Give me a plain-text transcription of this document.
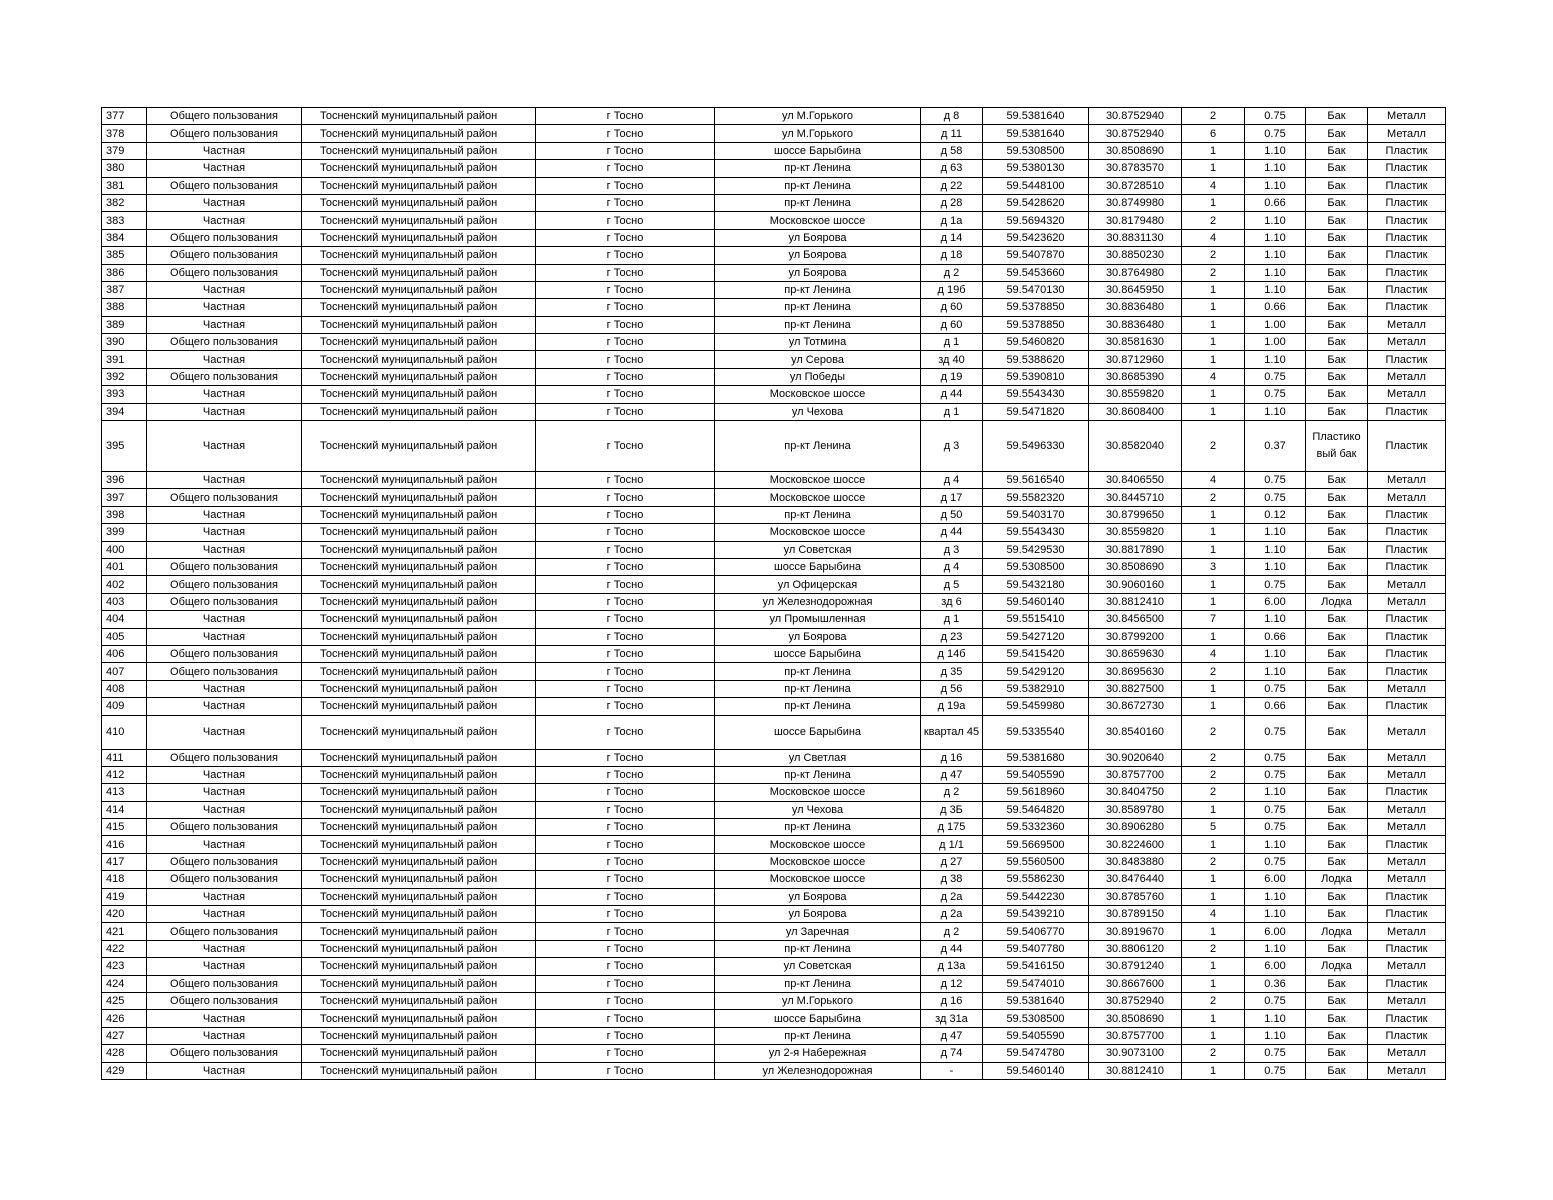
377	Общего пользования	Тосненский муниципальный район	г Тосно	ул М.Горького	д 8	59.5381640	30.8752940	2	0.75	Бак	Металл
378	Общего пользования	Тосненский муниципальный район	г Тосно	ул М.Горького	д 11	59.5381640	30.8752940	6	0.75	Бак	Металл
379	Частная	Тосненский муниципальный район	г Тосно	шоссе Барыбина	д 58	59.5308500	30.8508690	1	1.10	Бак	Пластик
380	Частная	Тосненский муниципальный район	г Тосно	пр-кт Ленина	д 63	59.5380130	30.8783570	1	1.10	Бак	Пластик
381	Общего пользования	Тосненский муниципальный район	г Тосно	пр-кт Ленина	д 22	59.5448100	30.8728510	4	1.10	Бак	Пластик
382	Частная	Тосненский муниципальный район	г Тосно	пр-кт Ленина	д 28	59.5428620	30.8749980	1	0.66	Бак	Пластик
383	Частная	Тосненский муниципальный район	г Тосно	Московское шоссе	д 1а	59.5694320	30.8179480	2	1.10	Бак	Пластик
384	Общего пользования	Тосненский муниципальный район	г Тосно	ул Боярова	д 14	59.5423620	30.8831130	4	1.10	Бак	Пластик
385	Общего пользования	Тосненский муниципальный район	г Тосно	ул Боярова	д 18	59.5407870	30.8850230	2	1.10	Бак	Пластик
386	Общего пользования	Тосненский муниципальный район	г Тосно	ул Боярова	д 2	59.5453660	30.8764980	2	1.10	Бак	Пластик
387	Частная	Тосненский муниципальный район	г Тосно	пр-кт Ленина	д 19б	59.5470130	30.8645950	1	1.10	Бак	Пластик
388	Частная	Тосненский муниципальный район	г Тосно	пр-кт Ленина	д 60	59.5378850	30.8836480	1	0.66	Бак	Пластик
389	Частная	Тосненский муниципальный район	г Тосно	пр-кт Ленина	д 60	59.5378850	30.8836480	1	1.00	Бак	Металл
390	Общего пользования	Тосненский муниципальный район	г Тосно	ул Тотмина	д 1	59.5460820	30.8581630	1	1.00	Бак	Металл
391	Частная	Тосненский муниципальный район	г Тосно	ул Серова	зд 40	59.5388620	30.8712960	1	1.10	Бак	Пластик
392	Общего пользования	Тосненский муниципальный район	г Тосно	ул Победы	д 19	59.5390810	30.8685390	4	0.75	Бак	Металл
393	Частная	Тосненский муниципальный район	г Тосно	Московское шоссе	д 44	59.5543430	30.8559820	1	0.75	Бак	Металл
394	Частная	Тосненский муниципальный район	г Тосно	ул Чехова	д 1	59.5471820	30.8608400	1	1.10	Бак	Пластик
395	Частная	Тосненский муниципальный район	г Тосно	пр-кт Ленина	д 3	59.5496330	30.8582040	2	0.37	Пластико вый бак	Пластик
396	Частная	Тосненский муниципальный район	г Тосно	Московское шоссе	д 4	59.5616540	30.8406550	4	0.75	Бак	Металл
397	Общего пользования	Тосненский муниципальный район	г Тосно	Московское шоссе	д 17	59.5582320	30.8445710	2	0.75	Бак	Металл
398	Частная	Тосненский муниципальный район	г Тосно	пр-кт Ленина	д 50	59.5403170	30.8799650	1	0.12	Бак	Пластик
399	Частная	Тосненский муниципальный район	г Тосно	Московское шоссе	д 44	59.5543430	30.8559820	1	1.10	Бак	Пластик
400	Частная	Тосненский муниципальный район	г Тосно	ул Советская	д 3	59.5429530	30.8817890	1	1.10	Бак	Пластик
401	Общего пользования	Тосненский муниципальный район	г Тосно	шоссе Барыбина	д 4	59.5308500	30.8508690	3	1.10	Бак	Пластик
402	Общего пользования	Тосненский муниципальный район	г Тосно	ул Офицерская	д 5	59.5432180	30.9060160	1	0.75	Бак	Металл
403	Общего пользования	Тосненский муниципальный район	г Тосно	ул Железнодорожная	зд 6	59.5460140	30.8812410	1	6.00	Лодка	Металл
404	Частная	Тосненский муниципальный район	г Тосно	ул Промышленная	д 1	59.5515410	30.8456500	7	1.10	Бак	Пластик
405	Частная	Тосненский муниципальный район	г Тосно	ул Боярова	д 23	59.5427120	30.8799200	1	0.66	Бак	Пластик
406	Общего пользования	Тосненский муниципальный район	г Тосно	шоссе Барыбина	д 14б	59.5415420	30.8659630	4	1.10	Бак	Пластик
407	Общего пользования	Тосненский муниципальный район	г Тосно	пр-кт Ленина	д 35	59.5429120	30.8695630	2	1.10	Бак	Пластик
408	Частная	Тосненский муниципальный район	г Тосно	пр-кт Ленина	д 56	59.5382910	30.8827500	1	0.75	Бак	Металл
409	Частная	Тосненский муниципальный район	г Тосно	пр-кт Ленина	д 19а	59.5459980	30.8672730	1	0.66	Бак	Пластик
410	Частная	Тосненский муниципальный район	г Тосно	шоссе Барыбина	квартал 45	59.5335540	30.8540160	2	0.75	Бак	Металл
411	Общего пользования	Тосненский муниципальный район	г Тосно	ул Светлая	д 16	59.5381680	30.9020640	2	0.75	Бак	Металл
412	Частная	Тосненский муниципальный район	г Тосно	пр-кт Ленина	д 47	59.5405590	30.8757700	2	0.75	Бак	Металл
413	Частная	Тосненский муниципальный район	г Тосно	Московское шоссе	д 2	59.5618960	30.8404750	2	1.10	Бак	Пластик
414	Частная	Тосненский муниципальный район	г Тосно	ул Чехова	д 3Б	59.5464820	30.8589780	1	0.75	Бак	Металл
415	Общего пользования	Тосненский муниципальный район	г Тосно	пр-кт Ленина	д 175	59.5332360	30.8906280	5	0.75	Бак	Металл
416	Частная	Тосненский муниципальный район	г Тосно	Московское шоссе	д 1/1	59.5669500	30.8224600	1	1.10	Бак	Пластик
417	Общего пользования	Тосненский муниципальный район	г Тосно	Московское шоссе	д 27	59.5560500	30.8483880	2	0.75	Бак	Металл
418	Общего пользования	Тосненский муниципальный район	г Тосно	Московское шоссе	д 38	59.5586230	30.8476440	1	6.00	Лодка	Металл
419	Частная	Тосненский муниципальный район	г Тосно	ул Боярова	д 2а	59.5442230	30.8785760	1	1.10	Бак	Пластик
420	Частная	Тосненский муниципальный район	г Тосно	ул Боярова	д 2а	59.5439210	30.8789150	4	1.10	Бак	Пластик
421	Общего пользования	Тосненский муниципальный район	г Тосно	ул Заречная	д 2	59.5406770	30.8919670	1	6.00	Лодка	Металл
422	Частная	Тосненский муниципальный район	г Тосно	пр-кт Ленина	д 44	59.5407780	30.8806120	2	1.10	Бак	Пластик
423	Частная	Тосненский муниципальный район	г Тосно	ул Советская	д 13а	59.5416150	30.8791240	1	6.00	Лодка	Металл
424	Общего пользования	Тосненский муниципальный район	г Тосно	пр-кт Ленина	д 12	59.5474010	30.8667600	1	0.36	Бак	Пластик
425	Общего пользования	Тосненский муниципальный район	г Тосно	ул М.Горького	д 16	59.5381640	30.8752940	2	0.75	Бак	Металл
426	Частная	Тосненский муниципальный район	г Тосно	шоссе Барыбина	зд 31а	59.5308500	30.8508690	1	1.10	Бак	Пластик
427	Частная	Тосненский муниципальный район	г Тосно	пр-кт Ленина	д 47	59.5405590	30.8757700	1	1.10	Бак	Пластик
428	Общего пользования	Тосненский муниципальный район	г Тосно	ул 2-я Набережная	д 74	59.5474780	30.9073100	2	0.75	Бак	Металл
429	Частная	Тосненский муниципальный район	г Тосно	ул Железнодорожная	-	59.5460140	30.8812410	1	0.75	Бак	Металл
